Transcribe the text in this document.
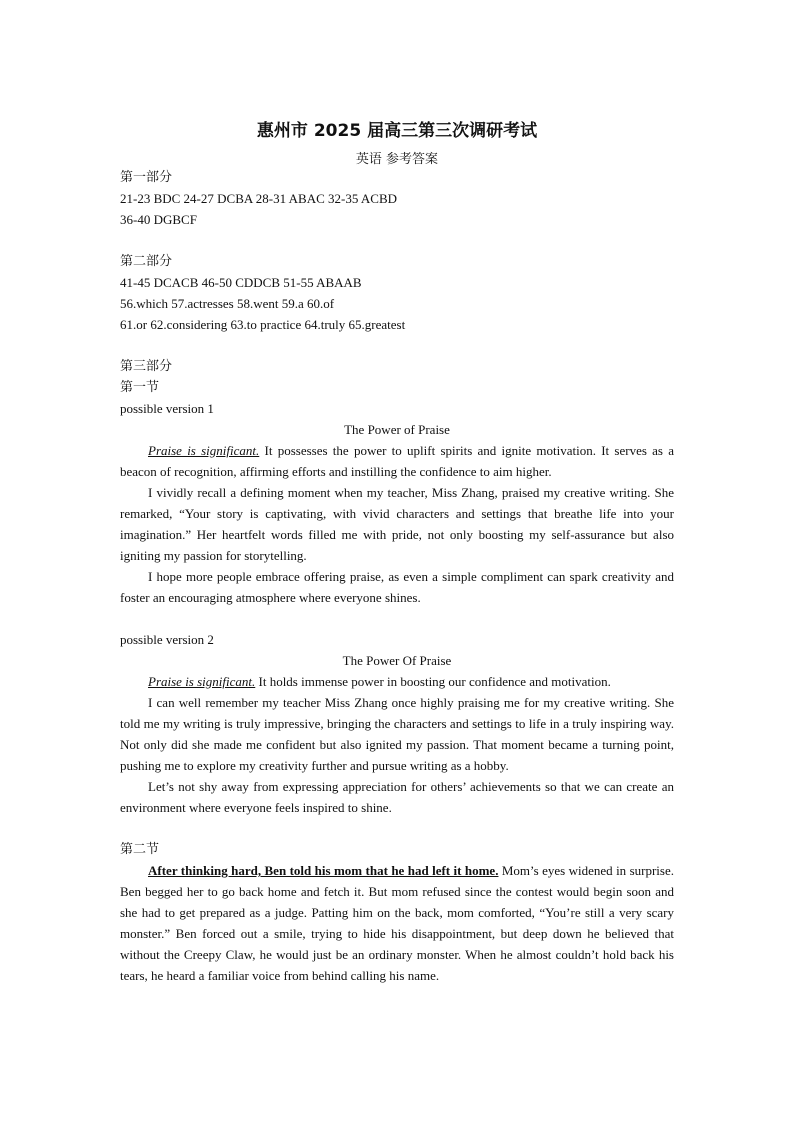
惠州市 2025 届高三第三次调研考试
英语 参考答案
第一部分
21-23 BDC 24-27 DCBA 28-31 ABAC 32-35 ACBD
36-40 DGBCF
第二部分
41-45 DCACB 46-50 CDDCB 51-55 ABAAB
56.which 57.actresses 58.went 59.a 60.of
61.or 62.considering 63.to practice 64.truly 65.greatest
第三部分
第一节
possible version 1
The Power of Praise

Praise is significant. It possesses the power to uplift spirits and ignite motivation. It serves as a beacon of recognition, affirming efforts and instilling the confidence to aim higher.

I vividly recall a defining moment when my teacher, Miss Zhang, praised my creative writing. She remarked, “Your story is captivating, with vivid characters and settings that breathe life into your imagination.” Her heartfelt words filled me with pride, not only boosting my self-assurance but also igniting my passion for storytelling.

I hope more people embrace offering praise, as even a simple compliment can spark creativity and foster an encouraging atmosphere where everyone shines.

possible version 2
The Power Of Praise

Praise is significant. It holds immense power in boosting our confidence and motivation.

I can well remember my teacher Miss Zhang once highly praising me for my creative writing. She told me my writing is truly impressive, bringing the characters and settings to life in a truly inspiring way. Not only did she made me confident but also ignited my passion. That moment became a turning point, pushing me to explore my creativity further and pursue writing as a hobby.

Let’s not shy away from expressing appreciation for others’ achievements so that we can create an environment where everyone feels inspired to shine.

第二节

After thinking hard, Ben told his mom that he had left it home. Mom’s eyes widened in surprise. Ben begged her to go back home and fetch it. But mom refused since the contest would begin soon and she had to get prepared as a judge. Patting him on the back, mom comforted, “You’re still a very scary monster.” Ben forced out a smile, trying to hide his disappointment, but deep down he believed that without the Creepy Claw, he would just be an ordinary monster. When he almost couldn’t hold back his tears, he heard a familiar voice from behind calling his name.
